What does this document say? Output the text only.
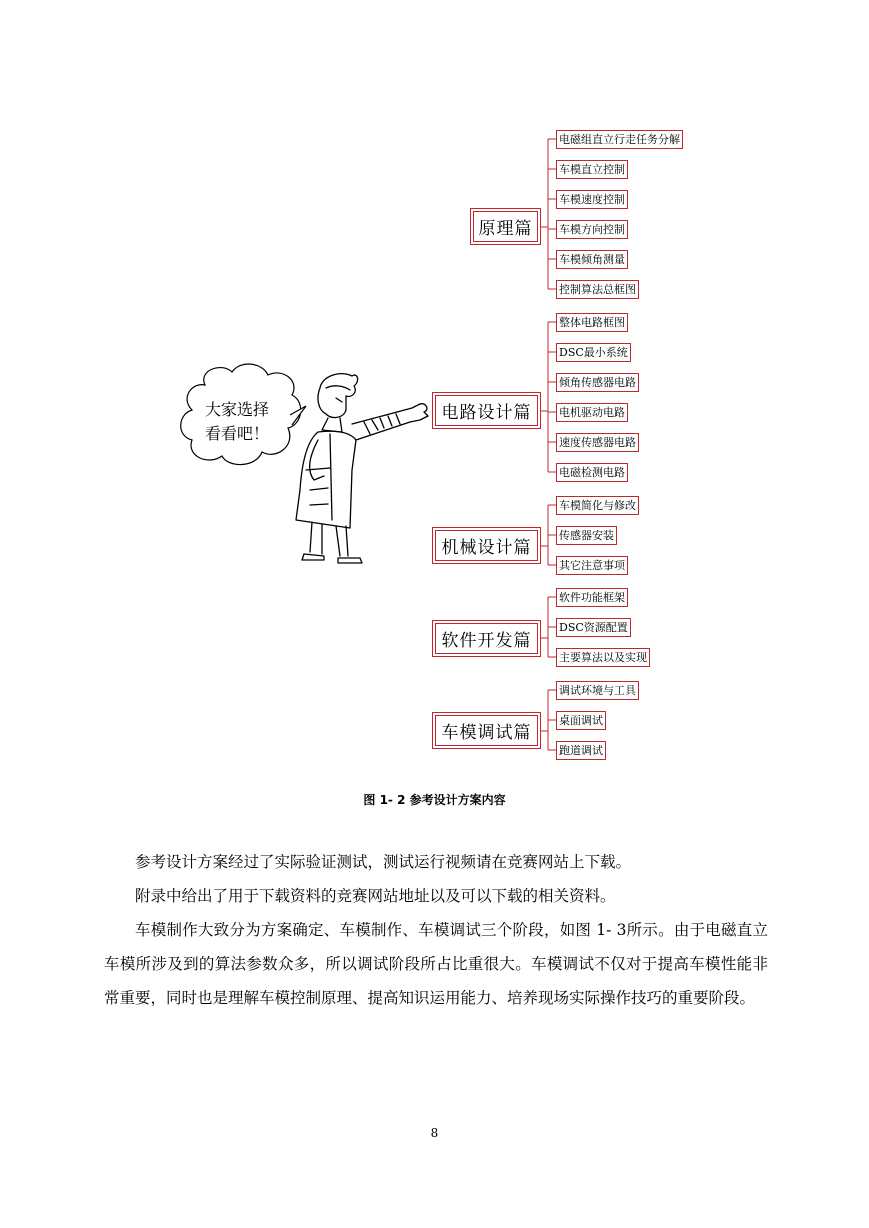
大家选择
看看吧！
原理篇
电路设计篇
机械设计篇
软件开发篇
车模调试篇
电磁组直立行走任务分解
车模直立控制
车模速度控制
车模方向控制
车模倾角测量
控制算法总框图
整体电路框图
DSC最小系统
倾角传感器电路
电机驱动电路
速度传感器电路
电磁检测电路
车模简化与修改
传感器安装
其它注意事项
软件功能框架
DSC资源配置
主要算法以及实现
调试环境与工具
桌面调试
跑道调试
图 1- 2 参考设计方案内容
参考设计方案经过了实际验证测试，测试运行视频请在竞赛网站上下载。
附录中给出了用于下载资料的竞赛网站地址以及可以下载的相关资料。
车模制作大致分为方案确定、车模制作、车模调试三个阶段，如图 1- 3所示。由于电磁直立车模所涉及到的算法参数众多，所以调试阶段所占比重很大。车模调试不仅对于提高车模性能非常重要，同时也是理解车模控制原理、提高知识运用能力、培养现场实际操作技巧的重要阶段。
8
